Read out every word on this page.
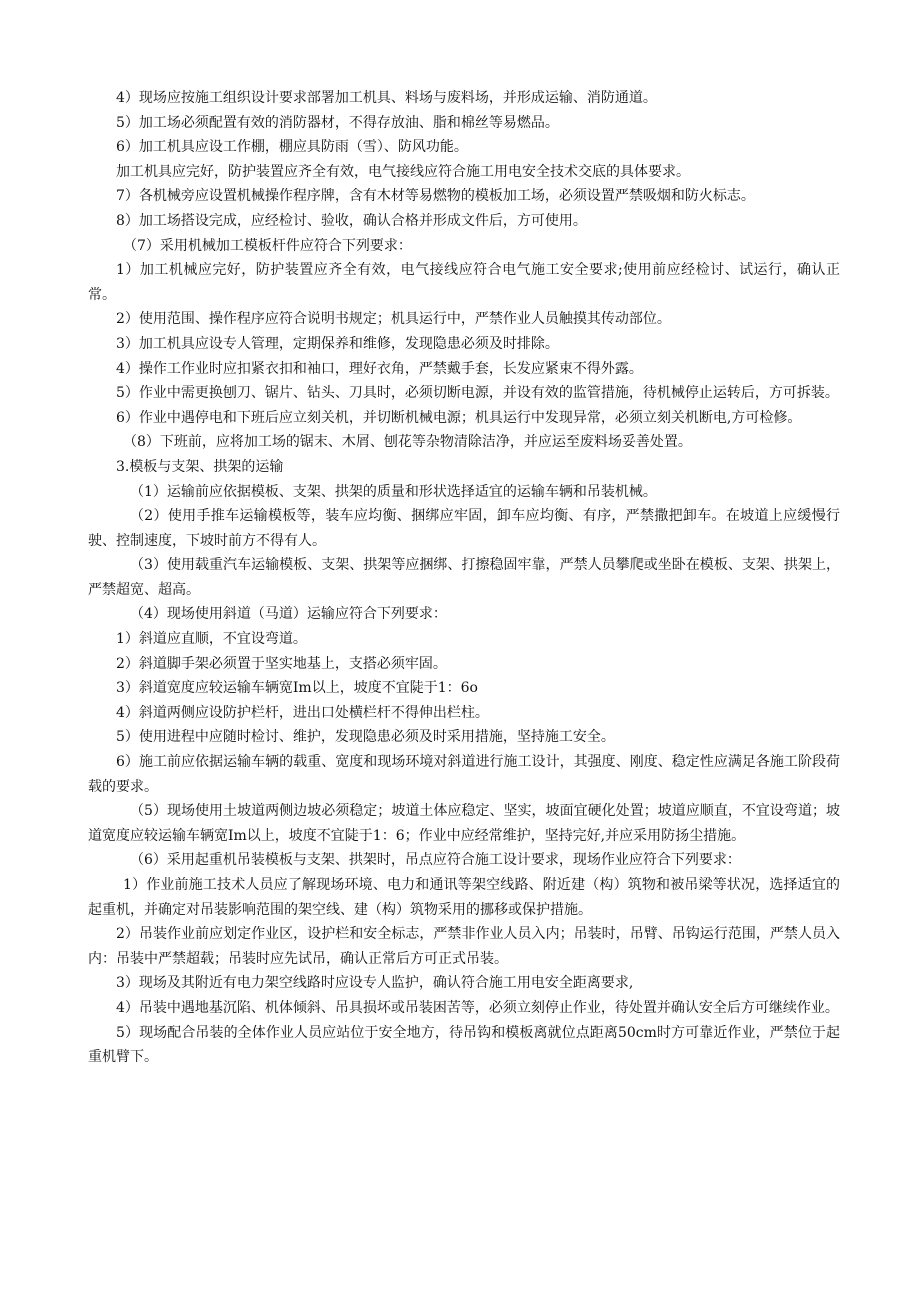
4）现场应按施工组织设计要求部署加工机具、料场与废料场，并形成运输、消防通道。

5）加工场必须配置有效的消防器材，不得存放油、脂和棉丝等易燃品。

6）加工机具应设工作棚，棚应具防雨（雪）、防风功能。

加工机具应完好，防护装置应齐全有效，电气接线应符合施工用电安全技术交底的具体要求。

7）各机械旁应设置机械操作程序牌，含有木材等易燃物的模板加工场，必须设置严禁吸烟和防火标志。

8）加工场搭设完成，应经检讨、验收，确认合格并形成文件后，方可使用。

（7）采用机械加工模板杆件应符合下列要求：

1）加工机械应完好，防护装置应齐全有效，电气接线应符合电气施工安全要求;使用前应经检讨、试运行，确认正常。

2）使用范围、操作程序应符合说明书规定；机具运行中，严禁作业人员触摸其传动部位。

3）加工机具应设专人管理，定期保养和维修，发现隐患必须及时排除。

4）操作工作业时应扣紧衣扣和袖口，理好衣角，严禁戴手套，长发应紧束不得外露。

5）作业中需更换刨刀、锯片、钻头、刀具时，必须切断电源，并设有效的监管措施，待机械停止运转后，方可拆装。

6）作业中遇停电和下班后应立刻关机，并切断机械电源；机具运行中发现异常，必须立刻关机断电,方可检修。

（8）下班前，应将加工场的锯末、木屑、刨花等杂物清除洁净，并应运至废料场妥善处置。

3.模板与支架、拱架的运输

（1）运输前应依据模板、支架、拱架的质量和形状选择适宜的运输车辆和吊装机械。

（2）使用手推车运输模板等，装车应均衡、捆绑应牢固，卸车应均衡、有序，严禁撒把卸车。在坡道上应缓慢行驶、控制速度，下坡时前方不得有人。

（3）使用载重汽车运输模板、支架、拱架等应捆绑、打擦稳固牢靠，严禁人员攀爬或坐卧在模板、支架、拱架上，严禁超宽、超高。

（4）现场使用斜道（马道）运输应符合下列要求：

1）斜道应直顺，不宜设弯道。

2）斜道脚手架必须置于坚实地基上，支搭必须牢固。

3）斜道宽度应较运输车辆宽Im以上，坡度不宜陡于1：6o

4）斜道两侧应设防护栏杆，进出口处横栏杆不得伸出栏柱。

5）使用进程中应随时检讨、维护，发现隐患必须及时采用措施，坚持施工安全。

6）施工前应依据运输车辆的载重、宽度和现场环境对斜道进行施工设计，其强度、刚度、稳定性应满足各施工阶段荷载的要求。

（5）现场使用土坡道两侧边坡必须稳定；坡道土体应稳定、坚实，坡面宜硬化处置；坡道应顺直，不宜设弯道；坡道宽度应较运输车辆宽Im以上，坡度不宜陡于1：6；作业中应经常维护，坚持完好,并应采用防扬尘措施。

（6）采用起重机吊装模板与支架、拱架时，吊点应符合施工设计要求，现场作业应符合下列要求：

1）作业前施工技术人员应了解现场环境、电力和通讯等架空线路、附近建（构）筑物和被吊梁等状况，选择适宜的起重机，并确定对吊装影响范围的架空线、建（构）筑物采用的挪移或保护措施。

2）吊装作业前应划定作业区，设护栏和安全标志，严禁非作业人员入内；吊装时，吊臂、吊钩运行范围，严禁人员入内：吊装中严禁超载；吊装时应先试吊，确认正常后方可正式吊装。

3）现场及其附近有电力架空线路时应设专人监护，确认符合施工用电安全距离要求,

4）吊装中遇地基沉陷、机体倾斜、吊具损坏或吊装困苦等，必须立刻停止作业，待处置并确认安全后方可继续作业。

5）现场配合吊装的全体作业人员应站位于安全地方，待吊钩和模板离就位点距离50cm时方可靠近作业，严禁位于起重机臂下。
